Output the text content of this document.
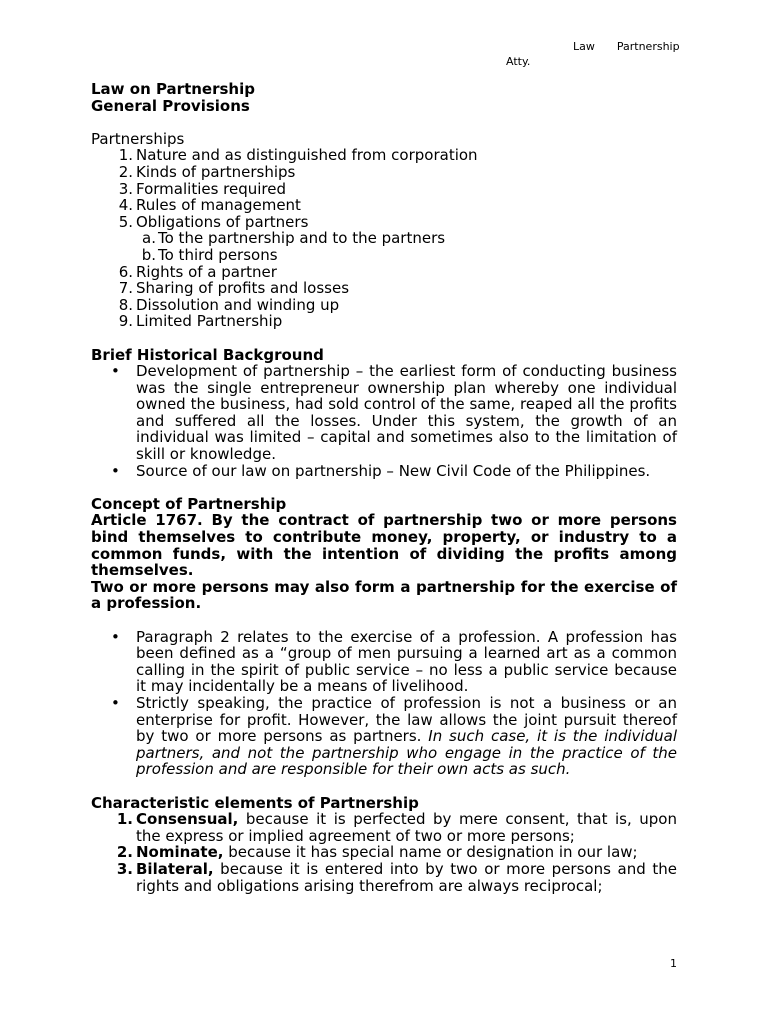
Law Partnership
Atty.

Law on Partnership

General Provisions

Partnerships

1. Nature and as distinguished from corporation
2. Kinds of partnerships
3. Formalities required
4. Rules of management
5. Obligations of partners
a. To the partnership and to the partners
b. To third persons
6. Rights of a partner
7. Sharing of profits and losses
8. Dissolution and winding up
9. Limited Partnership

Brief Historical Background

• Development of partnership – the earliest form of conducting business was the single entrepreneur ownership plan whereby one individual owned the business, had sold control of the same, reaped all the profits and suffered all the losses. Under this system, the growth of an individual was limited – capital and sometimes also to the limitation of skill or knowledge.
• Source of our law on partnership – New Civil Code of the Philippines.

Concept of Partnership

Article 1767. By the contract of partnership two or more persons bind themselves to contribute money, property, or industry to a common funds, with the intention of dividing the profits among themselves.

Two or more persons may also form a partnership for the exercise of a profession.

• Paragraph 2 relates to the exercise of a profession. A profession has been defined as a “group of men pursuing a learned art as a common calling in the spirit of public service – no less a public service because it may incidentally be a means of livelihood.
• Strictly speaking, the practice of profession is not a business or an enterprise for profit. However, the law allows the joint pursuit thereof by two or more persons as partners. In such case, it is the individual partners, and not the partnership who engage in the practice of the profession and are responsible for their own acts as such.

Characteristic elements of Partnership

1. Consensual, because it is perfected by mere consent, that is, upon the express or implied agreement of two or more persons;
2. Nominate, because it has special name or designation in our law;
3. Bilateral, because it is entered into by two or more persons and the rights and obligations arising therefrom are always reciprocal;
1
